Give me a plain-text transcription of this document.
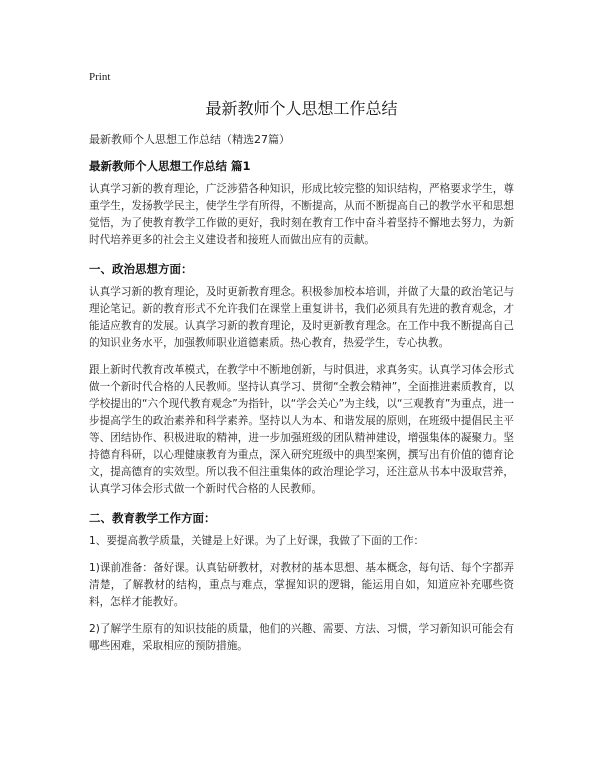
Print
最新教师个人思想工作总结
最新教师个人思想工作总结（精选27篇）
最新教师个人思想工作总结 篇1

认真学习新的教育理论，广泛涉猎各种知识，形成比较完整的知识结构，严格要求学生，尊重学生，发扬教学民主，使学生学有所得，不断提高，从而不断提高自己的教学水平和思想觉悟，为了使教育教学工作做的更好，我时刻在教育工作中奋斗着坚持不懈地去努力，为新时代培养更多的社会主义建设者和接班人而做出应有的贡献。

一、政治思想方面：

认真学习新的教育理论，及时更新教育理念。积极参加校本培训，并做了大量的政治笔记与理论笔记。新的教育形式不允许我们在课堂上重复讲书，我们必须具有先进的教育观念，才能适应教育的发展。认真学习新的教育理论，及时更新教育理念。在工作中我不断提高自己的知识业务水平，加强教师职业道德素质。热心教育，热爱学生，专心执教。

跟上新时代教育改革模式，在教学中不断地创新，与时俱进，求真务实。认真学习体会形式做一个新时代合格的人民教师。坚持认真学习、贯彻“全教会精神”，全面推进素质教育，以学校提出的“六个现代教育观念”为指针，以“学会关心”为主线，以“三观教育”为重点，进一步提高学生的政治素养和科学素养。坚持以人为本、和谐发展的原则，在班级中提倡民主平等、团结协作、积极进取的精神，进一步加强班级的团队精神建设，增强集体的凝聚力。坚持德育科研，以心理健康教育为重点，深入研究班级中的典型案例，撰写出有价值的德育论文，提高德育的实效型。所以我不但注重集体的政治理论学习，还注意从书本中汲取营养，认真学习体会形式做一个新时代合格的人民教师。

二、教育教学工作方面：

1、要提高教学质量，关键是上好课。为了上好课，我做了下面的工作：

1)课前准备：备好课。认真钻研教材，对教材的基本思想、基本概念，每句话、每个字都弄清楚，了解教材的结构，重点与难点，掌握知识的逻辑，能运用自如，知道应补充哪些资料，怎样才能教好。

2)了解学生原有的知识技能的质量，他们的兴趣、需要、方法、习惯，学习新知识可能会有哪些困难，采取相应的预防措施。
